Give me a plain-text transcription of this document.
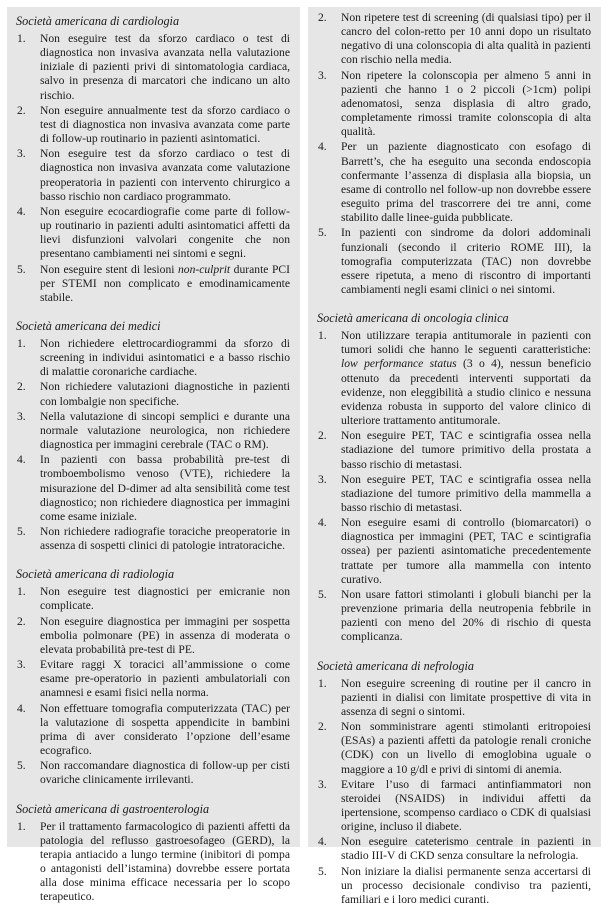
Società americana di cardiologia
1. Non eseguire test da sforzo cardiaco o test di diagnostica non invasiva avanzata nella valutazione iniziale di pazienti privi di sintomatologia cardiaca, salvo in presenza di marcatori che indicano un alto rischio.
2. Non eseguire annualmente test da sforzo cardiaco o test di diagnostica non invasiva avanzata come parte di follow-up routinario in pazienti asintomatici.
3. Non eseguire test da sforzo cardiaco o test di diagnostica non invasiva avanzata come valutazione preoperatoria in pazienti con intervento chirurgico a basso rischio non cardiaco programmato.
4. Non eseguire ecocardiografie come parte di follow-up routinario in pazienti adulti asintomatici affetti da lievi disfunzioni valvolari congenite che non presentano cambiamenti nei sintomi e segni.
5. Non eseguire stent di lesioni non-culprit durante PCI per STEMI non complicato e emodinamicamente stabile.
Società americana dei medici
1. Non richiedere elettrocardiogrammi da sforzo di screening in individui asintomatici e a basso rischio di malattie coronariche cardiache.
2. Non richiedere valutazioni diagnostiche in pazienti con lombalgie non specifiche.
3. Nella valutazione di sincopi semplici e durante una normale valutazione neurologica, non richiedere diagnostica per immagini cerebrale (TAC o RM).
4. In pazienti con bassa probabilità pre-test di tromboembolismo venoso (VTE), richiedere la misurazione del D-dimer ad alta sensibilità come test diagnostico; non richiedere diagnostica per immagini come esame iniziale.
5. Non richiedere radiografie toraciche preoperatorie in assenza di sospetti clinici di patologie intratoraciche.
Società americana di radiologia
1. Non eseguire test diagnostici per emicranie non complicate.
2. Non eseguire diagnostica per immagini per sospetta embolia polmonare (PE) in assenza di moderata o elevata probabilità pre-test di PE.
3. Evitare raggi X toracici all’ammissione o come esame pre-operatorio in pazienti ambulatoriali con anamnesi e esami fisici nella norma.
4. Non effettuare tomografia computerizzata (TAC) per la valutazione di sospetta appendicite in bambini prima di aver considerato l’opzione dell’esame ecografico.
5. Non raccomandare diagnostica di follow-up per cisti ovariche clinicamente irrilevanti.
Società americana di gastroenterologia
1. Per il trattamento farmacologico di pazienti affetti da patologia del reflusso gastroesofageo (GERD), la terapia antiacido a lungo termine (inibitori di pompa o antagonisti dell’istamina) dovrebbe essere portata alla dose minima efficace necessaria per lo scopo terapeutico.
2. Non ripetere test di screening (di qualsiasi tipo) per il cancro del colon-retto per 10 anni dopo un risultato negativo di una colonscopia di alta qualità in pazienti con rischio nella media.
3. Non ripetere la colonscopia per almeno 5 anni in pazienti che hanno 1 o 2 piccoli (>1cm) polipi adenomatosi, senza displasia di altro grado, completamente rimossi tramite colonscopia di alta qualità.
4. Per un paziente diagnosticato con esofago di Barrett’s, che ha eseguito una seconda endoscopia confermante l’assenza di displasia alla biopsia, un esame di controllo nel follow-up non dovrebbe essere eseguito prima del trascorrere dei tre anni, come stabilito dalle linee-guida pubblicate.
5. In pazienti con sindrome da dolori addominali funzionali (secondo il criterio ROME III), la tomografia computerizzata (TAC) non dovrebbe essere ripetuta, a meno di riscontro di importanti cambiamenti negli esami clinici o nei sintomi.
Società americana di oncologia clinica
1. Non utilizzare terapia antitumorale in pazienti con tumori solidi che hanno le seguenti caratteristiche: low performance status (3 o 4), nessun beneficio ottenuto da precedenti interventi supportati da evidenze, non eleggibilità a studio clinico e nessuna evidenza robusta in supporto del valore clinico di ulteriore trattamento antitumorale.
2. Non eseguire PET, TAC e scintigrafia ossea nella stadiazione del tumore primitivo della prostata a basso rischio di metastasi.
3. Non eseguire PET, TAC e scintigrafia ossea nella stadiazione del tumore primitivo della mammella a basso rischio di metastasi.
4. Non eseguire esami di controllo (biomarcatori) o diagnostica per immagini (PET, TAC e scintigrafia ossea) per pazienti asintomatiche precedentemente trattate per tumore alla mammella con intento curativo.
5. Non usare fattori stimolanti i globuli bianchi per la prevenzione primaria della neutropenia febbrile in pazienti con meno del 20% di rischio di questa complicanza.
Società americana di nefrologia
1. Non eseguire screening di routine per il cancro in pazienti in dialisi con limitate prospettive di vita in assenza di segni o sintomi.
2. Non somministrare agenti stimolanti eritropoiesi (ESAs) a pazienti affetti da patologie renali croniche (CDK) con un livello di emoglobina uguale o maggiore a 10 g/dl e privi di sintomi di anemia.
3. Evitare l’uso di farmaci antinfiammatori non steroidei (NSAIDS) in individui affetti da ipertensione, scompenso cardiaco o CDK di qualsiasi origine, incluso il diabete.
4. Non eseguire cateterismo centrale in pazienti in stadio III-V di CKD senza consultare la nefrologia.
5. Non iniziare la dialisi permanente senza accertarsi di un processo decisionale condiviso tra pazienti, familiari e i loro medici curanti.
